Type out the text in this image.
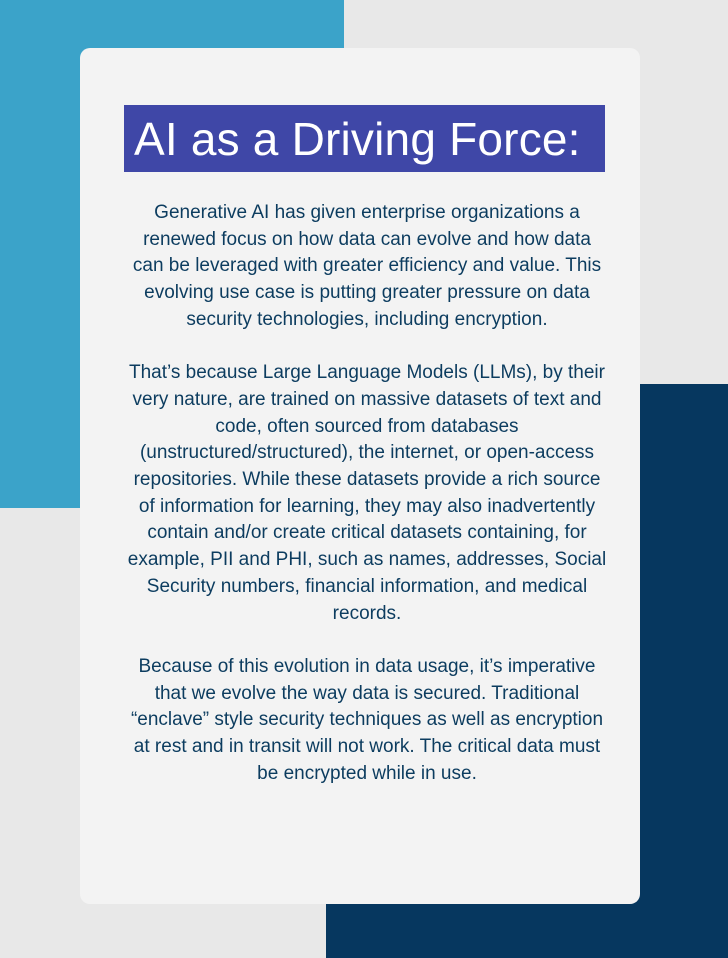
AI as a Driving Force:

Generative AI has given enterprise organizations a renewed focus on how data can evolve and how data can be leveraged with greater efficiency and value. This evolving use case is putting greater pressure on data security technologies, including encryption.

That’s because Large Language Models (LLMs), by their very nature, are trained on massive datasets of text and code, often sourced from databases (unstructured/structured), the internet, or open-access repositories. While these datasets provide a rich source of information for learning, they may also inadvertently contain and/or create critical datasets containing, for example, PII and PHI, such as names, addresses, Social Security numbers, financial information, and medical records.

Because of this evolution in data usage, it’s imperative that we evolve the way data is secured. Traditional “enclave” style security techniques as well as encryption at rest and in transit will not work. The critical data must be encrypted while in use.
